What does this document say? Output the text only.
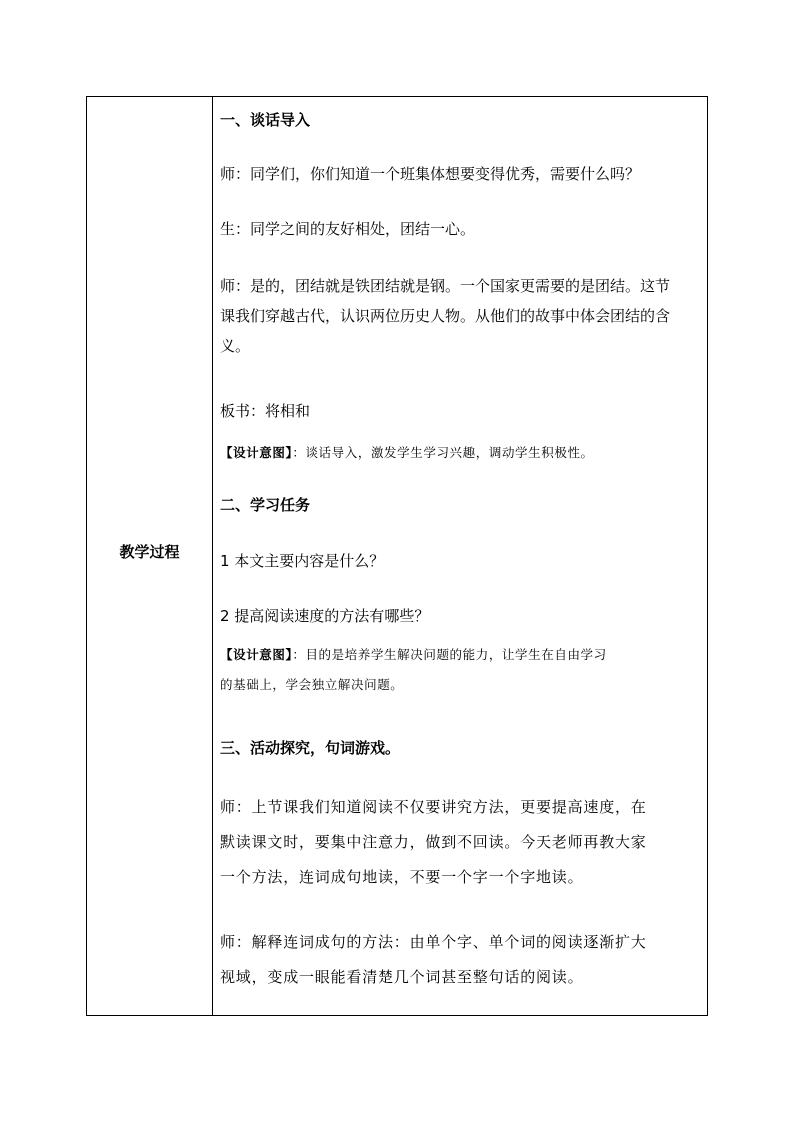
教学过程
一、谈话导入
师：同学们，你们知道一个班集体想要变得优秀，需要什么吗？
生：同学之间的友好相处，团结一心。
师：是的，团结就是铁团结就是钢。一个国家更需要的是团结。这节
课我们穿越古代，认识两位历史人物。从他们的故事中体会团结的含
义。
板书：将相和
【设计意图】：谈话导入，激发学生学习兴趣，调动学生积极性。
二、学习任务
1 本文主要内容是什么？
2 提高阅读速度的方法有哪些？
【设计意图】：目的是培养学生解决问题的能力，让学生在自由学习
的基础上，学会独立解决问题。
三、活动探究，句词游戏。
师：上节课我们知道阅读不仅要讲究方法，更要提高速度，在
默读课文时，要集中注意力，做到不回读。今天老师再教大家
一个方法，连词成句地读，不要一个字一个字地读。
师：解释连词成句的方法：由单个字、单个词的阅读逐渐扩大
视域，变成一眼能看清楚几个词甚至整句话的阅读。
